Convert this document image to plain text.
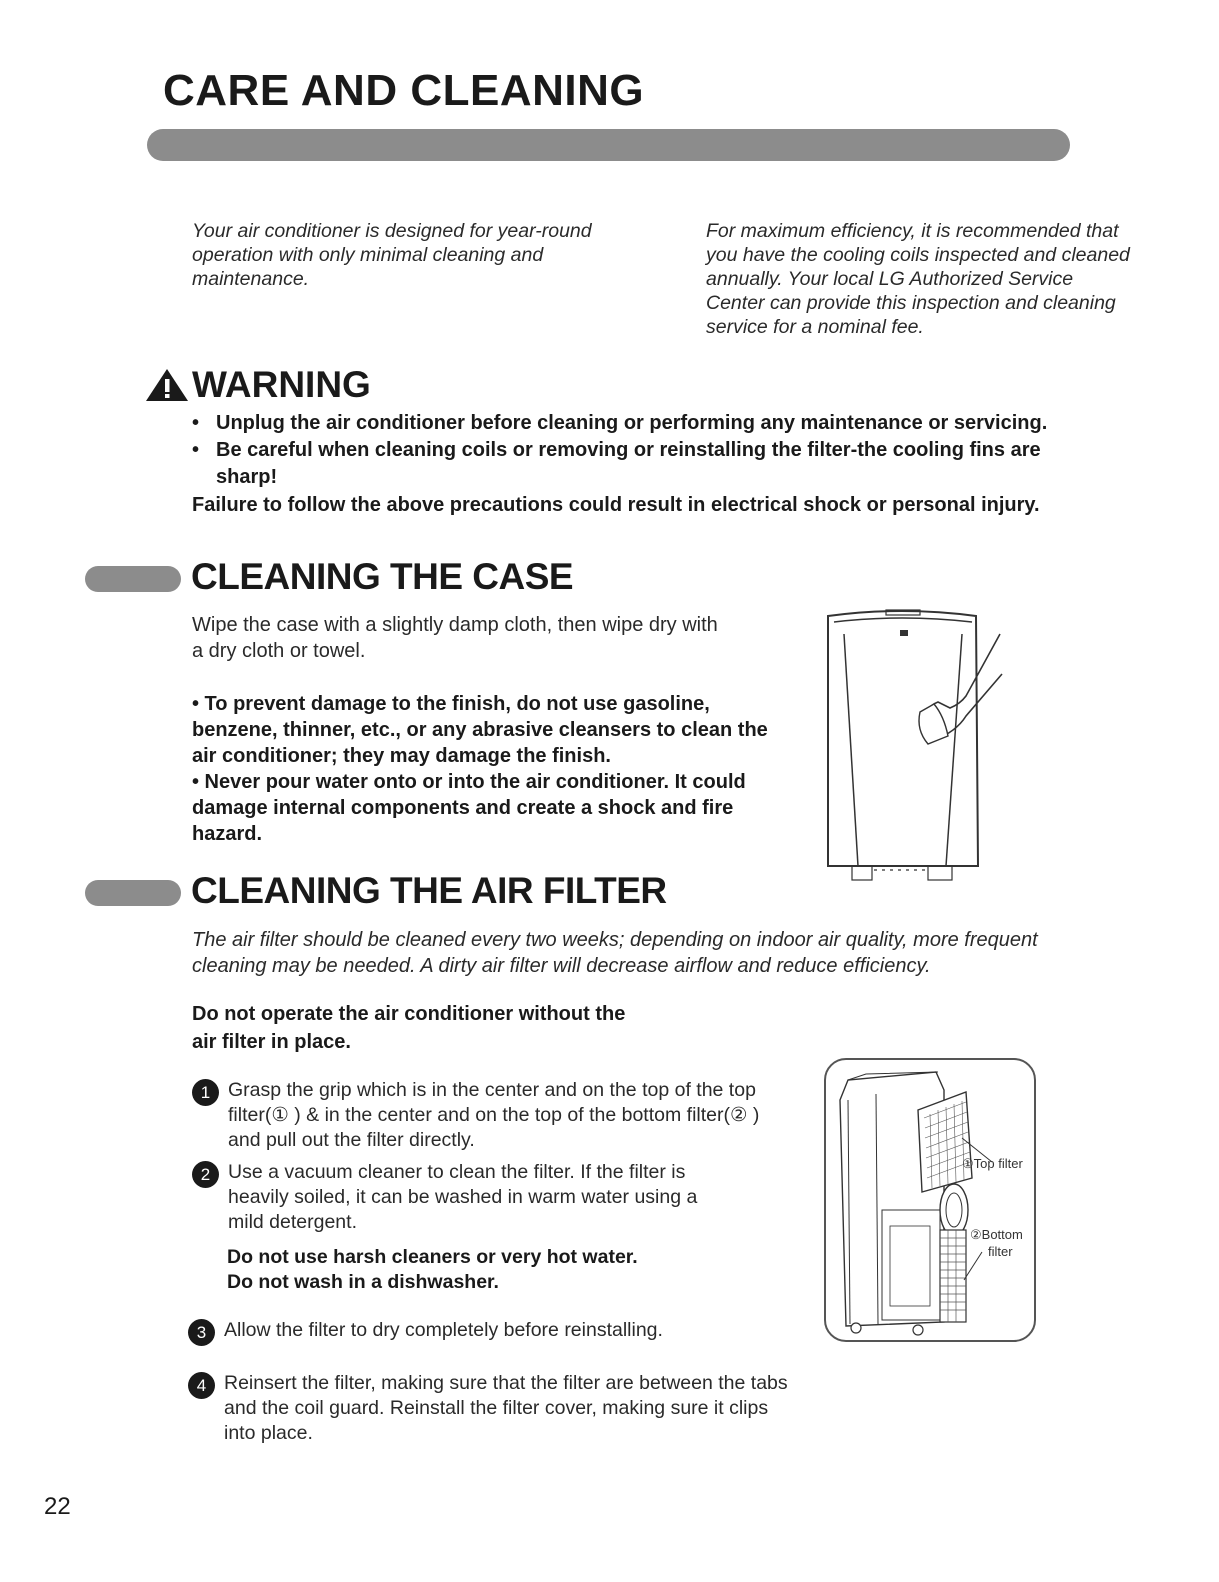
CARE AND CLEANING

Your air conditioner is designed for year-round operation with only minimal cleaning and maintenance.

For maximum efficiency, it is recommended that you have the cooling coils inspected and cleaned annually. Your local LG Authorized Service Center can provide this inspection and cleaning service for a nominal fee.

WARNING
• Unplug the air conditioner before cleaning or performing any maintenance or servicing.
• Be careful when cleaning coils or removing or reinstalling the filter-the cooling fins are sharp!

Failure to follow the above precautions could result in electrical shock or personal injury.

CLEANING THE CASE

Wipe the case with a slightly damp cloth, then wipe dry with a dry cloth or towel.

• To prevent damage to the finish, do not use gasoline, benzene, thinner, etc., or any abrasive cleansers to clean the air conditioner; they may damage the finish.

• Never pour water onto or into the air conditioner. It could damage internal components and create a shock and fire hazard.

CLEANING THE AIR FILTER

The air filter should be cleaned every two weeks; depending on indoor air quality, more frequent cleaning may be needed. A dirty air filter will decrease airflow and reduce efficiency.

Do not operate the air conditioner without the air filter in place.

1 Grasp the grip which is in the center and on the top of the top filter(① ) & in the center and on the top of the bottom filter(② ) and pull out the filter directly.

2 Use a vacuum cleaner to clean the filter. If the filter is heavily soiled, it can be washed in warm water using a mild detergent.

Do not use harsh cleaners or very hot water.

Do not wash in a dishwasher.

3 Allow the filter to dry completely before reinstalling.

4 Reinsert the filter, making sure that the filter are between the tabs and the coil guard. Reinstall the filter cover, making sure it clips into place.

①Top filter
②Bottom
filter
22
